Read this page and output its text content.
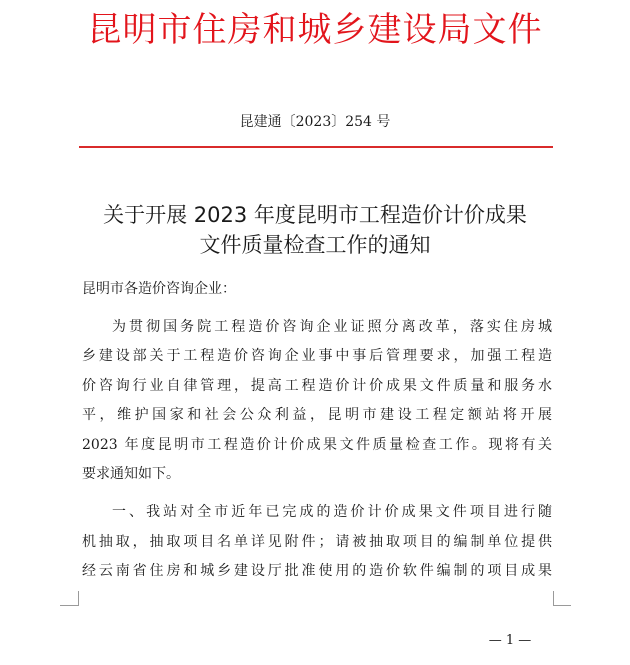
昆明市住房和城乡建设局文件
昆建通〔2023〕254 号
关于开展 2023 年度昆明市工程造价计价成果
文件质量检查工作的通知
昆明市各造价咨询企业：
为贯彻国务院工程造价咨询企业证照分离改革，落实住房城
乡建设部关于工程造价咨询企业事中事后管理要求，加强工程造
价咨询行业自律管理，提高工程造价计价成果文件质量和服务水
平，维护国家和社会公众利益，昆明市建设工程定额站将开展
2023 年度昆明市工程造价计价成果文件质量检查工作。现将有关
要求通知如下。
一、我站对全市近年已完成的造价计价成果文件项目进行随
机抽取，抽取项目名单详见附件；请被抽取项目的编制单位提供
经云南省住房和城乡建设厅批准使用的造价软件编制的项目成果
— 1 —
